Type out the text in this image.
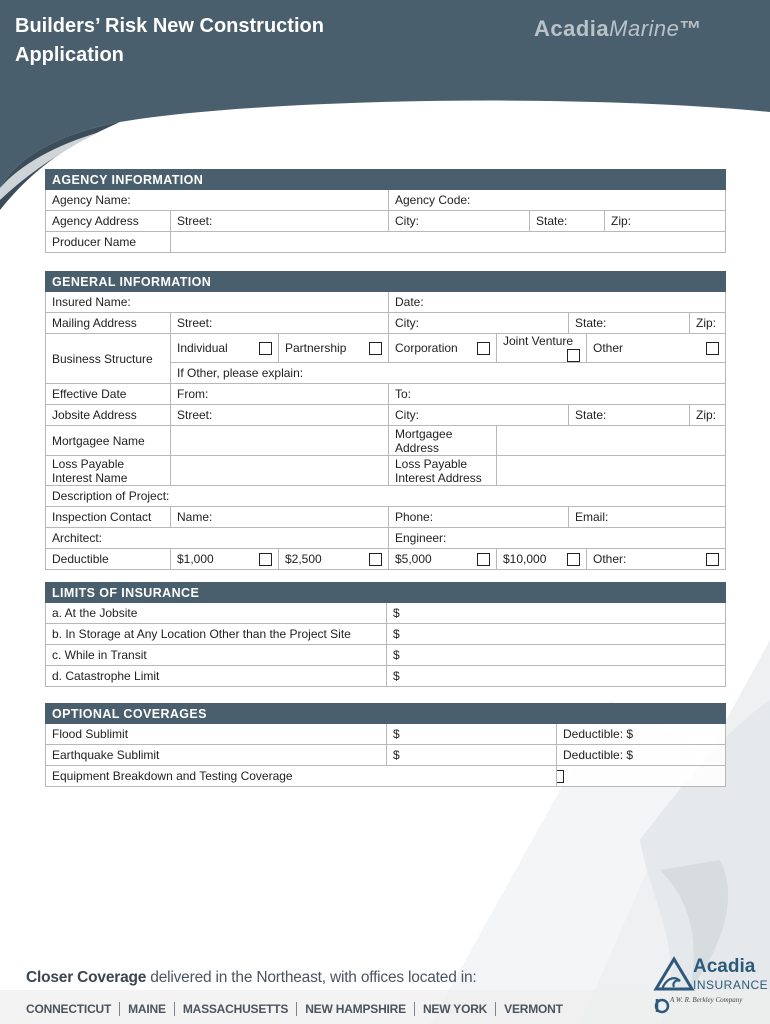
Builders’ Risk New Construction
Application
AcadiaMarine™
AGENCY INFORMATION				
Agency Name:		Agency Code:		
Agency Address	Street:	City:	State:	Zip:
Producer Name				
GENERAL INFORMATION							
Insured Name:			Date:				
Mailing Address	Street:		City:		State:		Zip:
Business Structure	Individual	Partnership	Corporation	Joint Venture		Other	

	If Other, please explain:						
Effective Date	From:		To:				
Jobsite Address	Street:		City:		State:		Zip:
Mortgagee Name			Mortgagee Address				
Loss Payable Interest Name			Loss Payable Interest Address				
Description of Project:							
Inspection Contact	Name:		Phone:		Email:		
Architect:			Engineer:				
Deductible	$1,000	$2,500	$5,000	$10,000		Other:	
LIMITS OF INSURANCE	
a. At the Jobsite	$
b. In Storage at Any Location Other than the Project Site	$
c. While in Transit	$
d. Catastrophe Limit	$
OPTIONAL COVERAGES		
Flood Sublimit	$	Deductible: $
Earthquake Sublimit	$	Deductible: $
Equipment Breakdown and Testing Coverage		
Closer Coverage delivered in the Northeast, with offices located in:
CONNECTICUT MAINE MASSACHUSETTS NEW HAMPSHIRE NEW YORK VERMONT
Acadia
INSURANCE
A W. R. Berkley Company
